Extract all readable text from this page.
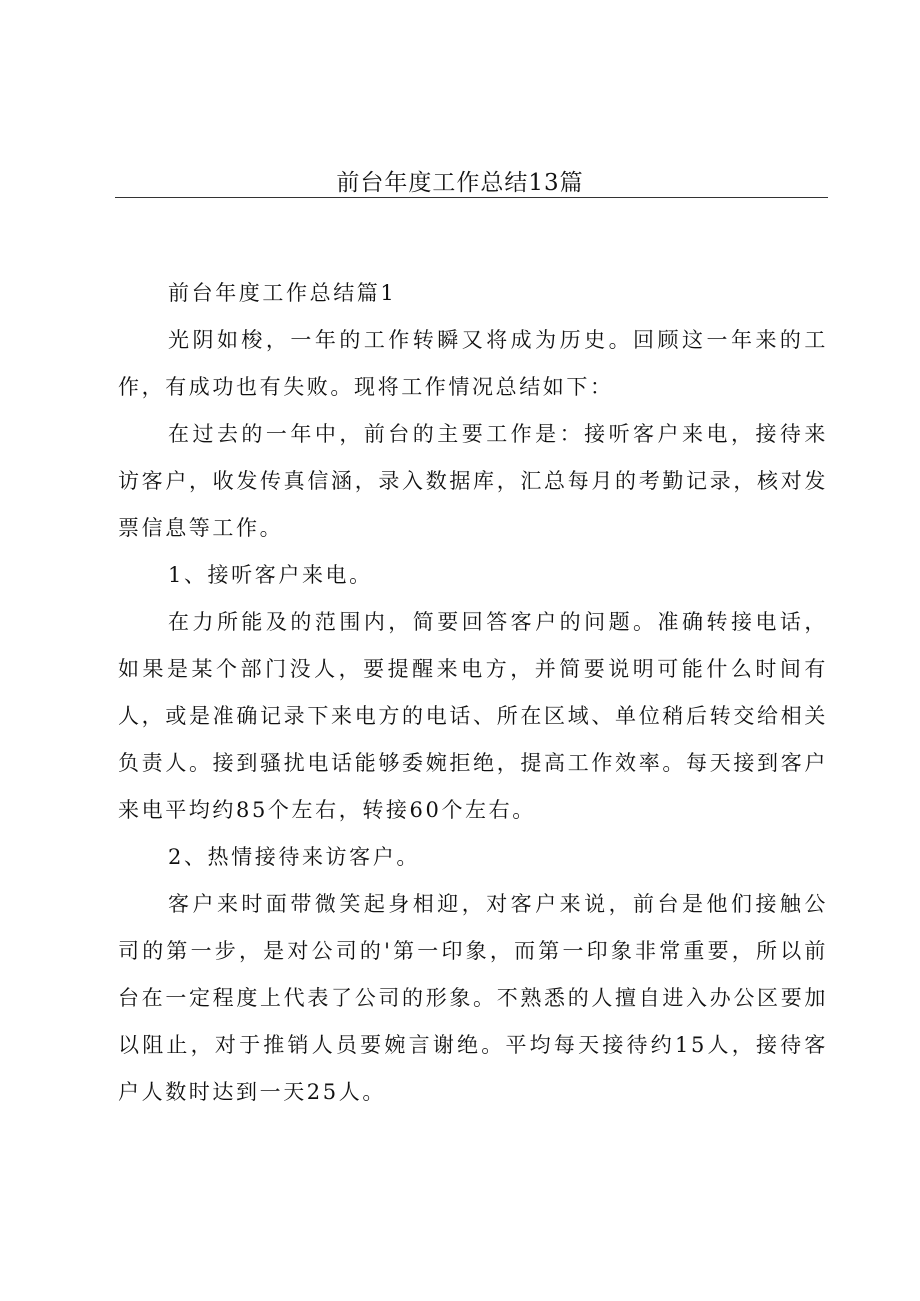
前台年度工作总结13篇

前台年度工作总结篇1

光阴如梭，一年的工作转瞬又将成为历史。回顾这一年来的工作，有成功也有失败。现将工作情况总结如下：

在过去的一年中，前台的主要工作是：接听客户来电，接待来访客户，收发传真信涵，录入数据库，汇总每月的考勤记录，核对发票信息等工作。

1、接听客户来电。

在力所能及的范围内，简要回答客户的问题。准确转接电话，如果是某个部门没人，要提醒来电方，并简要说明可能什么时间有人，或是准确记录下来电方的电话、所在区域、单位稍后转交给相关负责人。接到骚扰电话能够委婉拒绝，提高工作效率。每天接到客户来电平均约85个左右，转接60个左右。

2、热情接待来访客户。

客户来时面带微笑起身相迎，对客户来说，前台是他们接触公司的第一步，是对公司的'第一印象，而第一印象非常重要，所以前台在一定程度上代表了公司的形象。不熟悉的人擅自进入办公区要加以阻止，对于推销人员要婉言谢绝。平均每天接待约15人，接待客户人数时达到一天25人。
